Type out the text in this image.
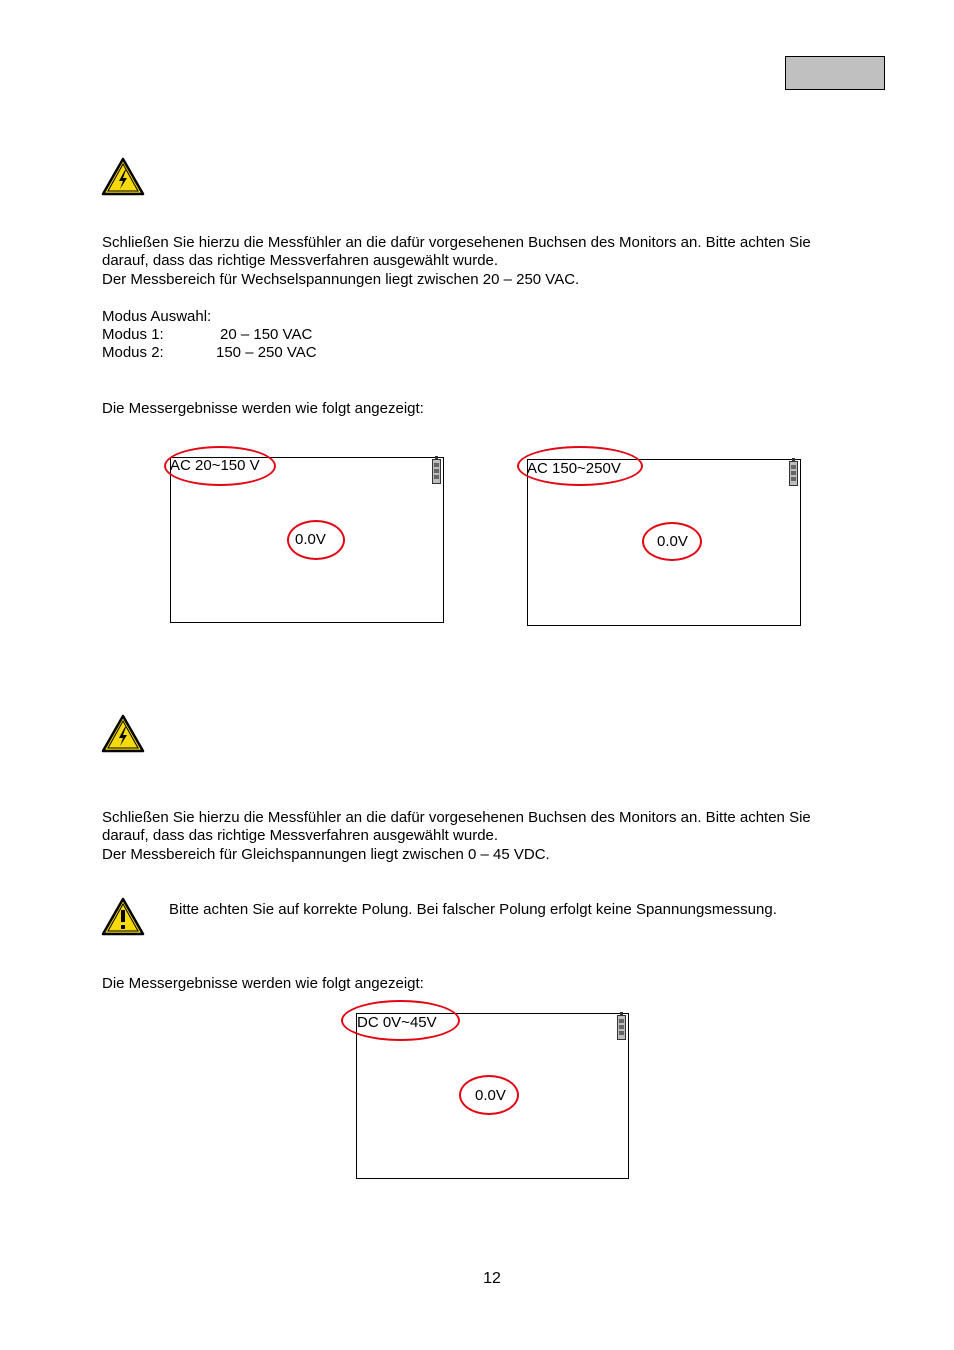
Schließen Sie hierzu die Messfühler an die dafür vorgesehenen Buchsen des Monitors an. Bitte achten Sie
darauf, dass das richtige Messverfahren ausgewählt wurde.
Der Messbereich für Wechselspannungen liegt zwischen 20 – 250 VAC.
Modus Auswahl:
Modus 1:	20 – 150 VAC
Modus 2:	150 – 250 VAC
Die Messergebnisse werden wie folgt angezeigt:
AC 20~150 V
0.0V
AC 150~250V
0.0V
Schließen Sie hierzu die Messfühler an die dafür vorgesehenen Buchsen des Monitors an. Bitte achten Sie
darauf, dass das richtige Messverfahren ausgewählt wurde.
Der Messbereich für Gleichspannungen liegt zwischen 0 – 45 VDC.
Bitte achten Sie auf korrekte Polung. Bei falscher Polung erfolgt keine Spannungsmessung.
Die Messergebnisse werden wie folgt angezeigt:
DC 0V~45V
0.0V
12
